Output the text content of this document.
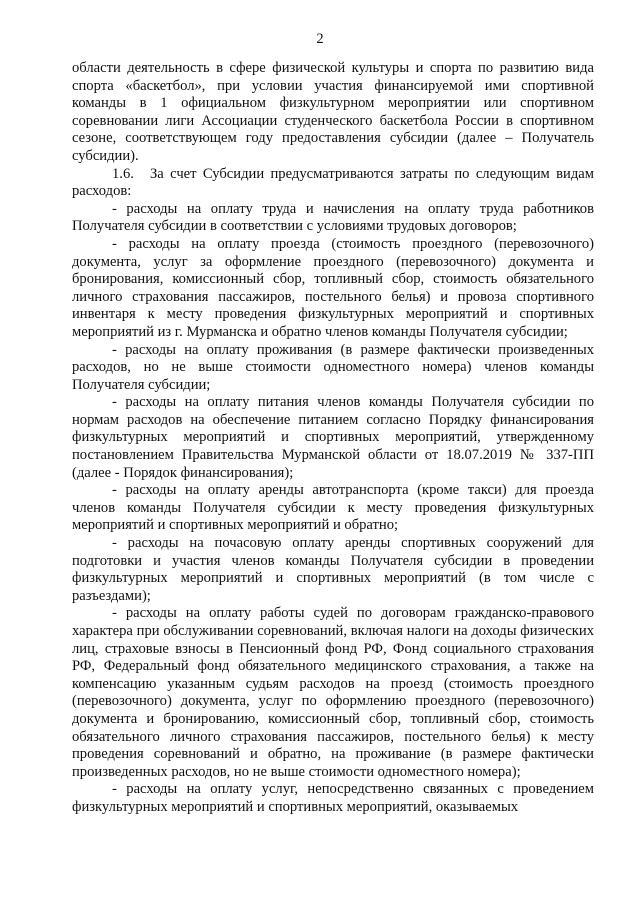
2

области деятельность в сфере физической культуры и спорта по развитию вида спорта «баскетбол», при условии участия финансируемой ими спортивной команды в 1 официальном физкультурном мероприятии или спортивном соревновании лиги Ассоциации студенческого баскетбола России в спортивном сезоне, соответствующем году предоставления субсидии (далее – Получатель субсидии).

1.6. За счет Субсидии предусматриваются затраты по следующим видам расходов:

- расходы на оплату труда и начисления на оплату труда работников Получателя субсидии в соответствии с условиями трудовых договоров;

- расходы на оплату проезда (стоимость проездного (перевозочного) документа, услуг за оформление проездного (перевозочного) документа и бронирования, комиссионный сбор, топливный сбор, стоимость обязательного личного страхования пассажиров, постельного белья) и провоза спортивного инвентаря к месту проведения физкультурных мероприятий и спортивных мероприятий из г. Мурманска и обратно членов команды Получателя субсидии;

- расходы на оплату проживания (в размере фактически произведенных расходов, но не выше стоимости одноместного номера) членов команды Получателя субсидии;

- расходы на оплату питания членов команды Получателя субсидии по нормам расходов на обеспечение питанием согласно Порядку финансирования физкультурных мероприятий и спортивных мероприятий, утвержденному постановлением Правительства Мурманской области от 18.07.2019 № 337-ПП (далее - Порядок финансирования);

- расходы на оплату аренды автотранспорта (кроме такси) для проезда членов команды Получателя субсидии к месту проведения физкультурных мероприятий и спортивных мероприятий и обратно;

- расходы на почасовую оплату аренды спортивных сооружений для подготовки и участия членов команды Получателя субсидии в проведении физкультурных мероприятий и спортивных мероприятий (в том числе с разъездами);

- расходы на оплату работы судей по договорам гражданско-правового характера при обслуживании соревнований, включая налоги на доходы физических лиц, страховые взносы в Пенсионный фонд РФ, Фонд социального страхования РФ, Федеральный фонд обязательного медицинского страхования, а также на компенсацию указанным судьям расходов на проезд (стоимость проездного (перевозочного) документа, услуг по оформлению проездного (перевозочного) документа и бронированию, комиссионный сбор, топливный сбор, стоимость обязательного личного страхования пассажиров, постельного белья) к месту проведения соревнований и обратно, на проживание (в размере фактически произведенных расходов, но не выше стоимости одноместного номера);

- расходы на оплату услуг, непосредственно связанных с проведением физкультурных мероприятий и спортивных мероприятий, оказываемых
